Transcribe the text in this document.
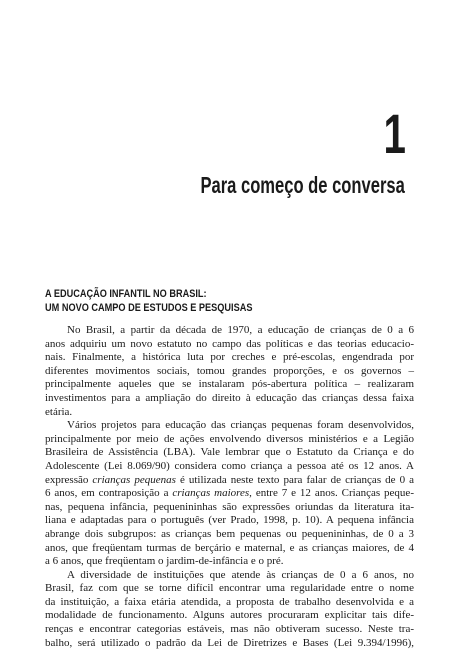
1
Para começo de conversa
A EDUCAÇÃO INFANTIL NO BRASIL:
UM NOVO CAMPO DE ESTUDOS E PESQUISAS
No Brasil, a partir da década de 1970, a educação de crianças de 0 a 6
anos adquiriu um novo estatuto no campo das políticas e das teorias educacio-
nais. Finalmente, a histórica luta por creches e pré-escolas, engendrada por
diferentes movimentos sociais, tomou grandes proporções, e os governos –
principalmente aqueles que se instalaram pós-abertura política – realizaram
investimentos para a ampliação do direito à educação das crianças dessa faixa
etária.
Vários projetos para educação das crianças pequenas foram desenvolvidos,
principalmente por meio de ações envolvendo diversos ministérios e a Legião
Brasileira de Assistência (LBA). Vale lembrar que o Estatuto da Criança e do
Adolescente (Lei 8.069/90) considera como criança a pessoa até os 12 anos. A
expressão crianças pequenas é utilizada neste texto para falar de crianças de 0 a
6 anos, em contraposição a crianças maiores, entre 7 e 12 anos. Crianças peque-
nas, pequena infância, pequenininhas são expressões oriundas da literatura ita-
liana e adaptadas para o português (ver Prado, 1998, p. 10). A pequena infância
abrange dois subgrupos: as crianças bem pequenas ou pequenininhas, de 0 a 3
anos, que freqüentam turmas de berçário e maternal, e as crianças maiores, de 4
a 6 anos, que freqüentam o jardim-de-infância e o pré.
A diversidade de instituições que atende às crianças de 0 a 6 anos, no
Brasil, faz com que se torne difícil encontrar uma regularidade entre o nome
da instituição, a faixa etária atendida, a proposta de trabalho desenvolvida e a
modalidade de funcionamento. Alguns autores procuraram explicitar tais dife-
renças e encontrar categorias estáveis, mas não obtiveram sucesso. Neste tra-
balho, será utilizado o padrão da Lei de Diretrizes e Bases (Lei 9.394/1996),
